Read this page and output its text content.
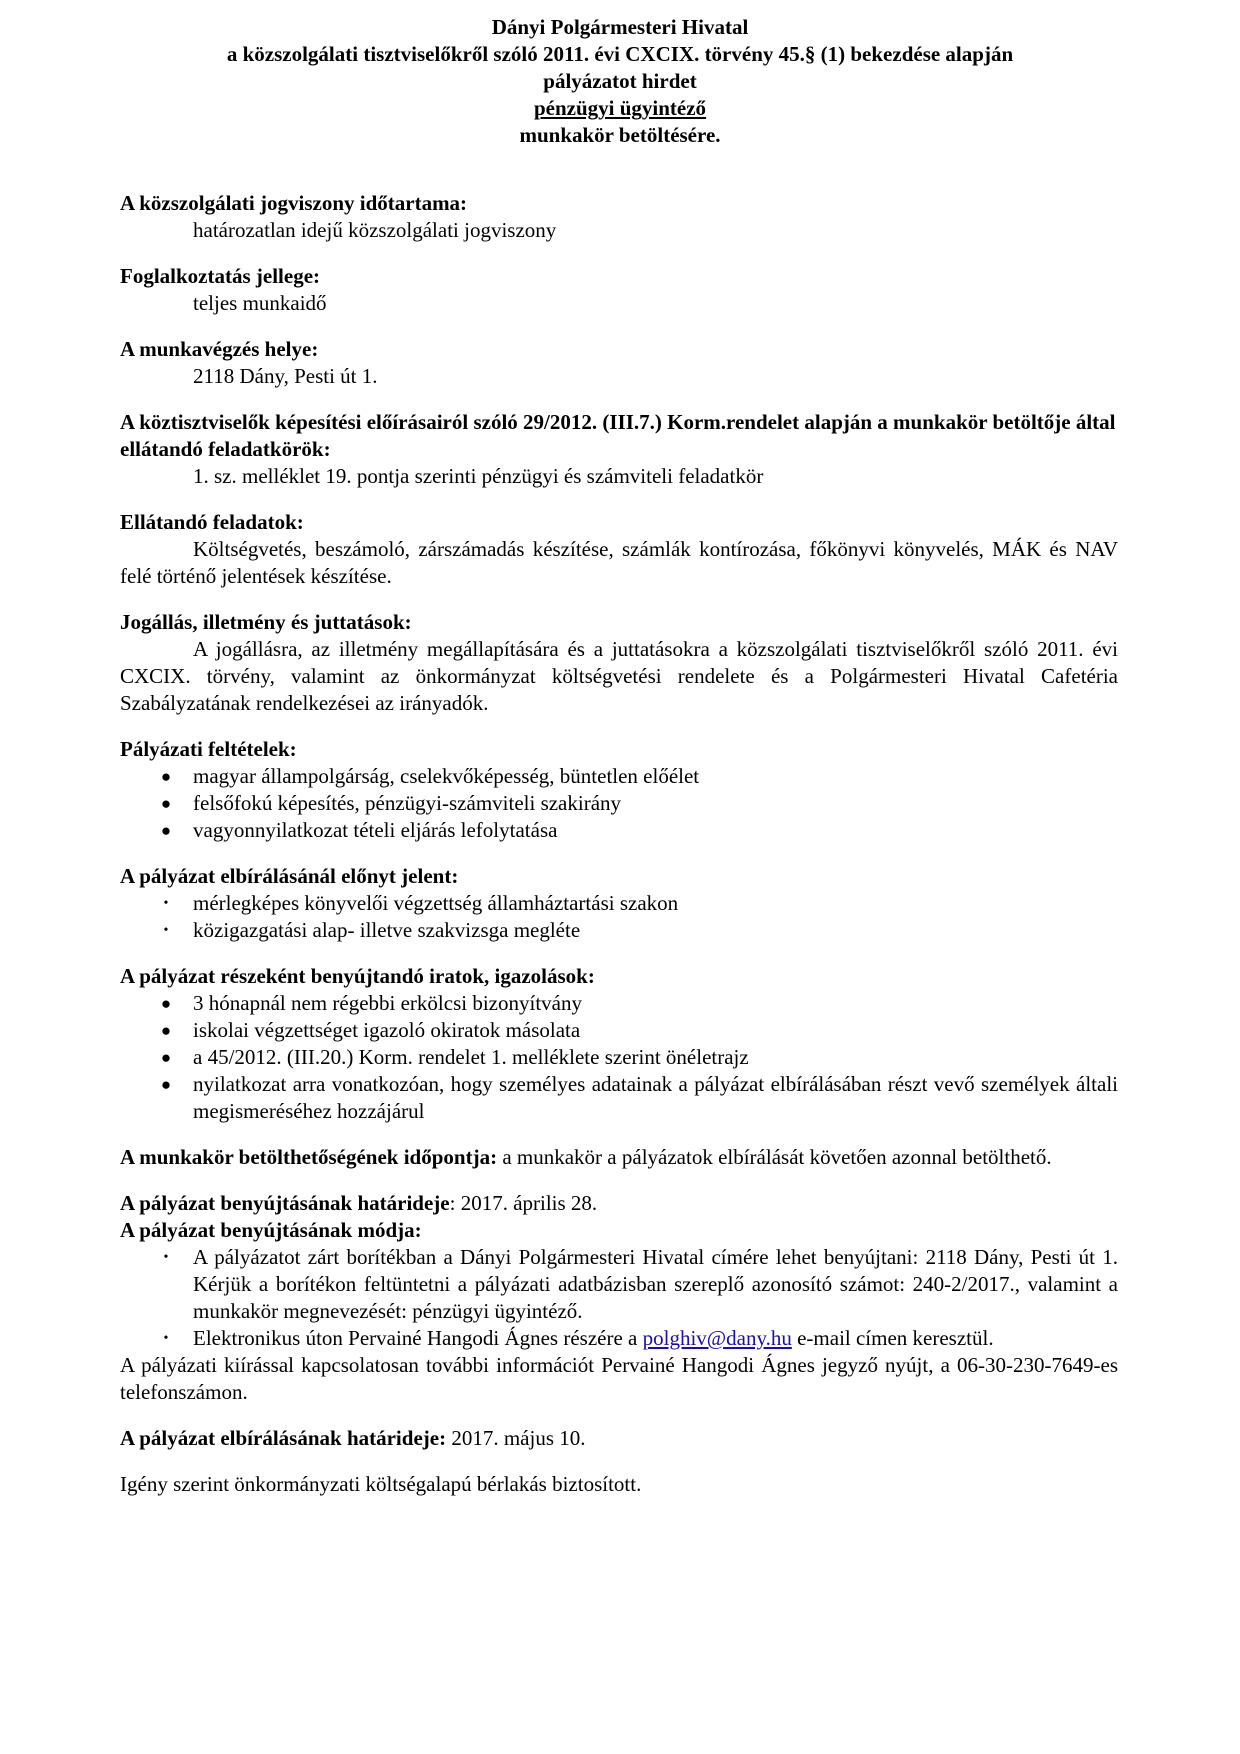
Dányi Polgármesteri Hivatal
a közszolgálati tisztviselőkről szóló 2011. évi CXCIX. törvény 45.§ (1) bekezdése alapján
pályázatot hirdet
pénzügyi ügyintéző
munkakör betöltésére.
A közszolgálati jogviszony időtartama:
határozatlan idejű közszolgálati jogviszony
Foglalkoztatás jellege:
teljes munkaidő
A munkavégzés helye:
2118 Dány, Pesti út 1.
A köztisztviselők képesítési előírásairól szóló 29/2012. (III.7.) Korm.rendelet alapján a munkakör betöltője által ellátandó feladatkörök:
1. sz. melléklet 19. pontja szerinti pénzügyi és számviteli feladatkör
Ellátandó feladatok:
Költségvetés, beszámoló, zárszámadás készítése, számlák kontírozása, főkönyvi könyvelés, MÁK és NAV felé történő jelentések készítése.
Jogállás, illetmény és juttatások:
A jogállásra, az illetmény megállapítására és a juttatásokra a közszolgálati tisztviselőkről szóló 2011. évi CXCIX. törvény, valamint az önkormányzat költségvetési rendelete és a Polgármesteri Hivatal Cafetéria Szabályzatának rendelkezései az irányadók.
Pályázati feltételek:
● magyar állampolgárság, cselekvőképesség, büntetlen előélet
● felsőfokú képesítés, pénzügyi-számviteli szakirány
● vagyonnyilatkozat tételi eljárás lefolytatása
A pályázat elbírálásánál előnyt jelent:
•	mérlegképes könyvelői végzettség államháztartási szakon
•	közigazgatási alap- illetve szakvizsga megléte
A pályázat részeként benyújtandó iratok, igazolások:
● 3 hónapnál nem régebbi erkölcsi bizonyítvány
● iskolai végzettséget igazoló okiratok másolata
● a 45/2012. (III.20.) Korm. rendelet 1. melléklete szerint önéletrajz
● nyilatkozat arra vonatkozóan, hogy személyes adatainak a pályázat elbírálásában részt vevő személyek általi megismeréséhez hozzájárul
A munkakör betölthetőségének időpontja: a munkakör a pályázatok elbírálását követően azonnal betölthető.
A pályázat benyújtásának határideje: 2017. április 28.
A pályázat benyújtásának módja:
•	A pályázatot zárt borítékban a Dányi Polgármesteri Hivatal címére lehet benyújtani: 2118 Dány, Pesti út 1. Kérjük a borítékon feltüntetni a pályázati adatbázisban szereplő azonosító számot: 240-2/2017., valamint a munkakör megnevezését: pénzügyi ügyintéző.
•	Elektronikus úton Pervainé Hangodi Ágnes részére a polghiv@dany.hu e-mail címen keresztül.
A pályázati kiírással kapcsolatosan további információt Pervainé Hangodi Ágnes jegyző nyújt, a 06-30-230-7649-es telefonszámon.
A pályázat elbírálásának határideje: 2017. május 10.
Igény szerint önkormányzati költségalapú bérlakás biztosított.
